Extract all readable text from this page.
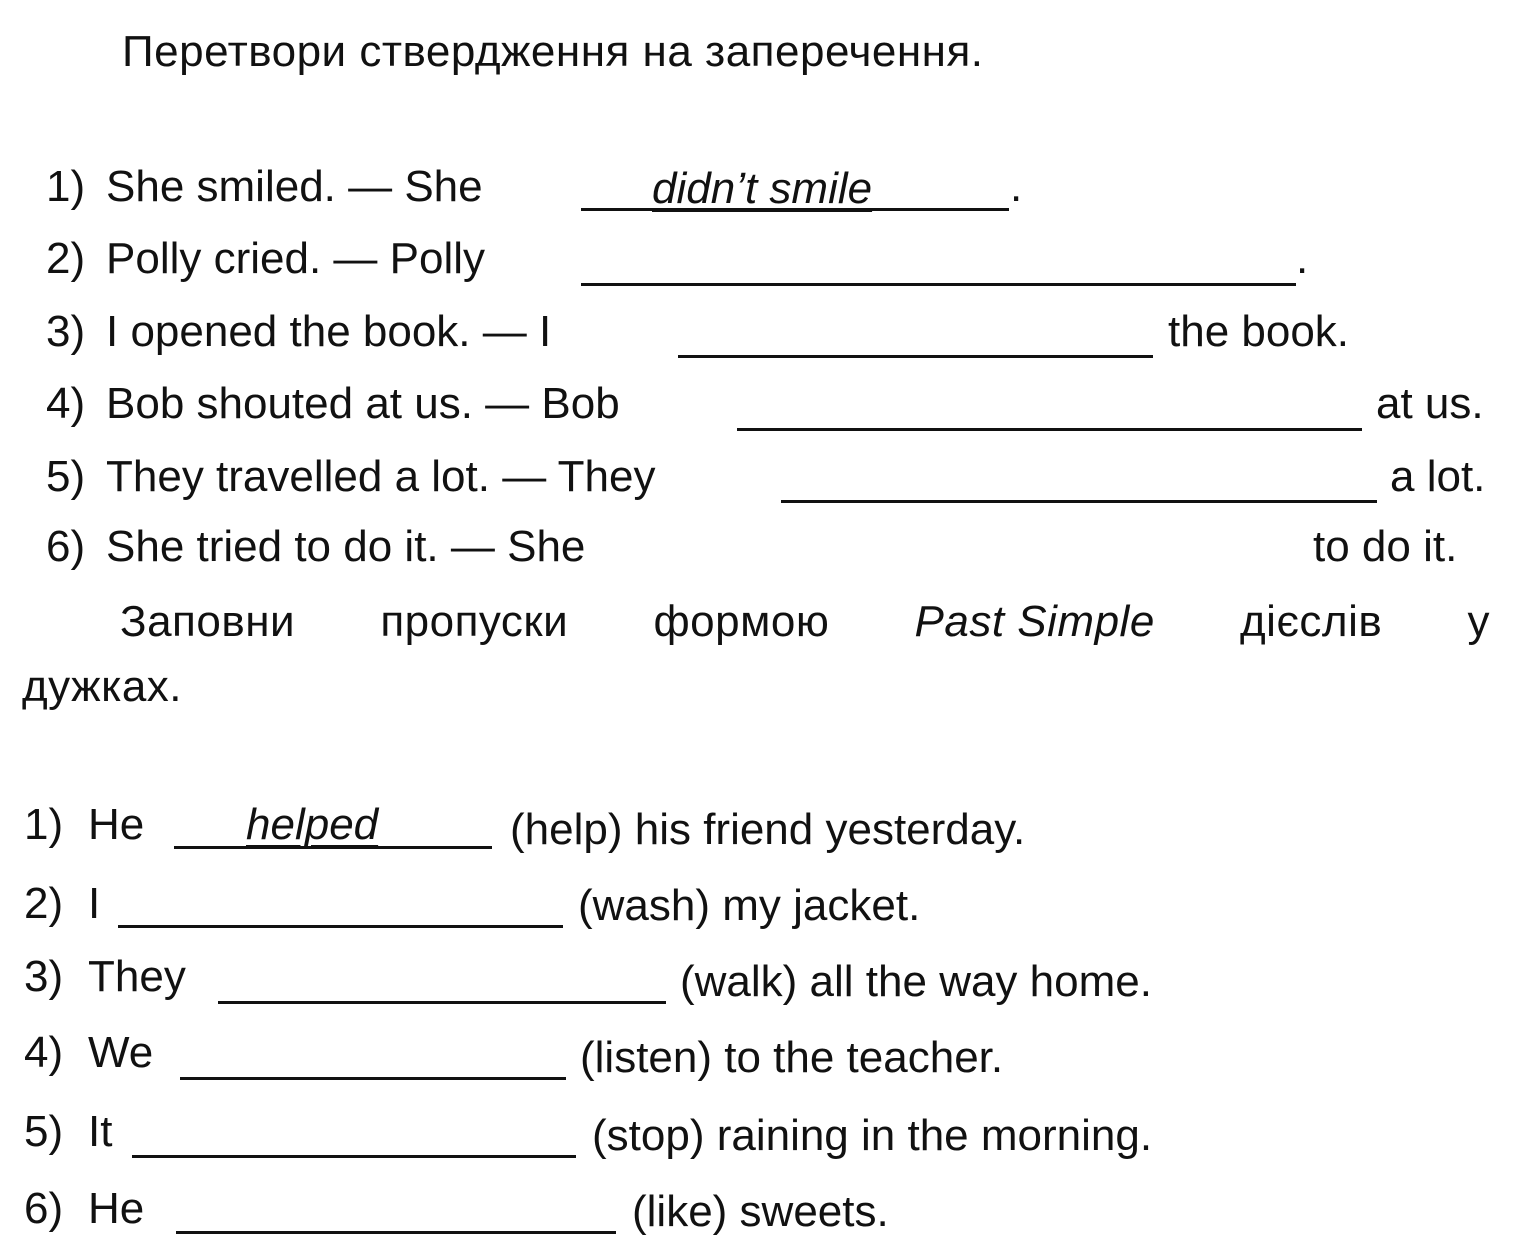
Перетвори ствердження на заперечення.
1) She smiled. — She	didn’t smile	.
2) Polly cried. — Polly	.
3) I opened the book. — I	the book.
4) Bob shouted at us. — Bob	at us.
5) They travelled a lot. — They	a lot.
6) She tried to do it. — She	to do it.
Заповни пропуски формою Past Simple дієслів у
дужках.
1) He helped	(help) his friend yesterday.
2) I	(wash) my jacket.
3) They	(walk) all the way home.
4) We	(listen) to the teacher.
5) It	(stop) raining in the morning.
6) He	(like) sweets.
